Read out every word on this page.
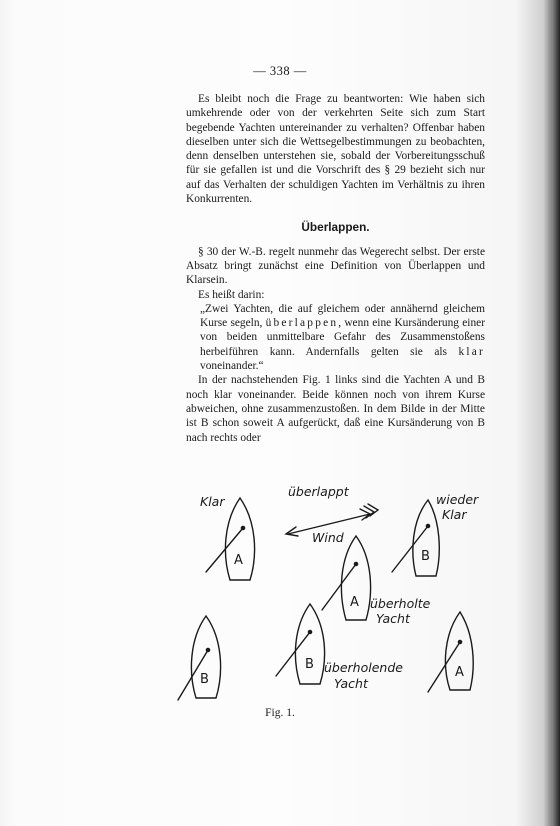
— 338 —

Es bleibt noch die Frage zu beantworten: Wie haben sich umkehrende oder von der verkehrten Seite sich zum Start begebende Yachten untereinander zu verhalten? Offenbar haben dieselben unter sich die Wettsegelbestimmungen zu beobachten, denn denselben unterstehen sie, sobald der Vorbereitungsschuß für sie gefallen ist und die Vorschrift des § 29 bezieht sich nur auf das Verhalten der schuldigen Yachten im Verhältnis zu ihren Konkurrenten.

Überlappen.

§ 30 der W.-B. regelt nunmehr das Wegerecht selbst. Der erste Absatz bringt zunächst eine Definition von Überlappen und Klarsein.

Es heißt darin:

„Zwei Yachten, die auf gleichem oder annähernd gleichem Kurse segeln, überlappen, wenn eine Kursänderung einer von beiden unmittelbare Gefahr des Zusammenstoßens herbeiführen kann. Andernfalls gelten sie als klar voneinander.“

In der nachstehenden Fig. 1 links sind die Yachten A und B noch klar voneinander. Beide können noch von ihrem Kurse abweichen, ohne zusammenzustoßen. In dem Bilde in der Mitte ist B schon soweit A aufgerückt, daß eine Kursänderung von B nach rechts oder

A	B
A
B
B	A
Klar
überlappt
Wind
wieder
Klar
überholte
Yacht
überholende
Yacht
Fig. 1.
